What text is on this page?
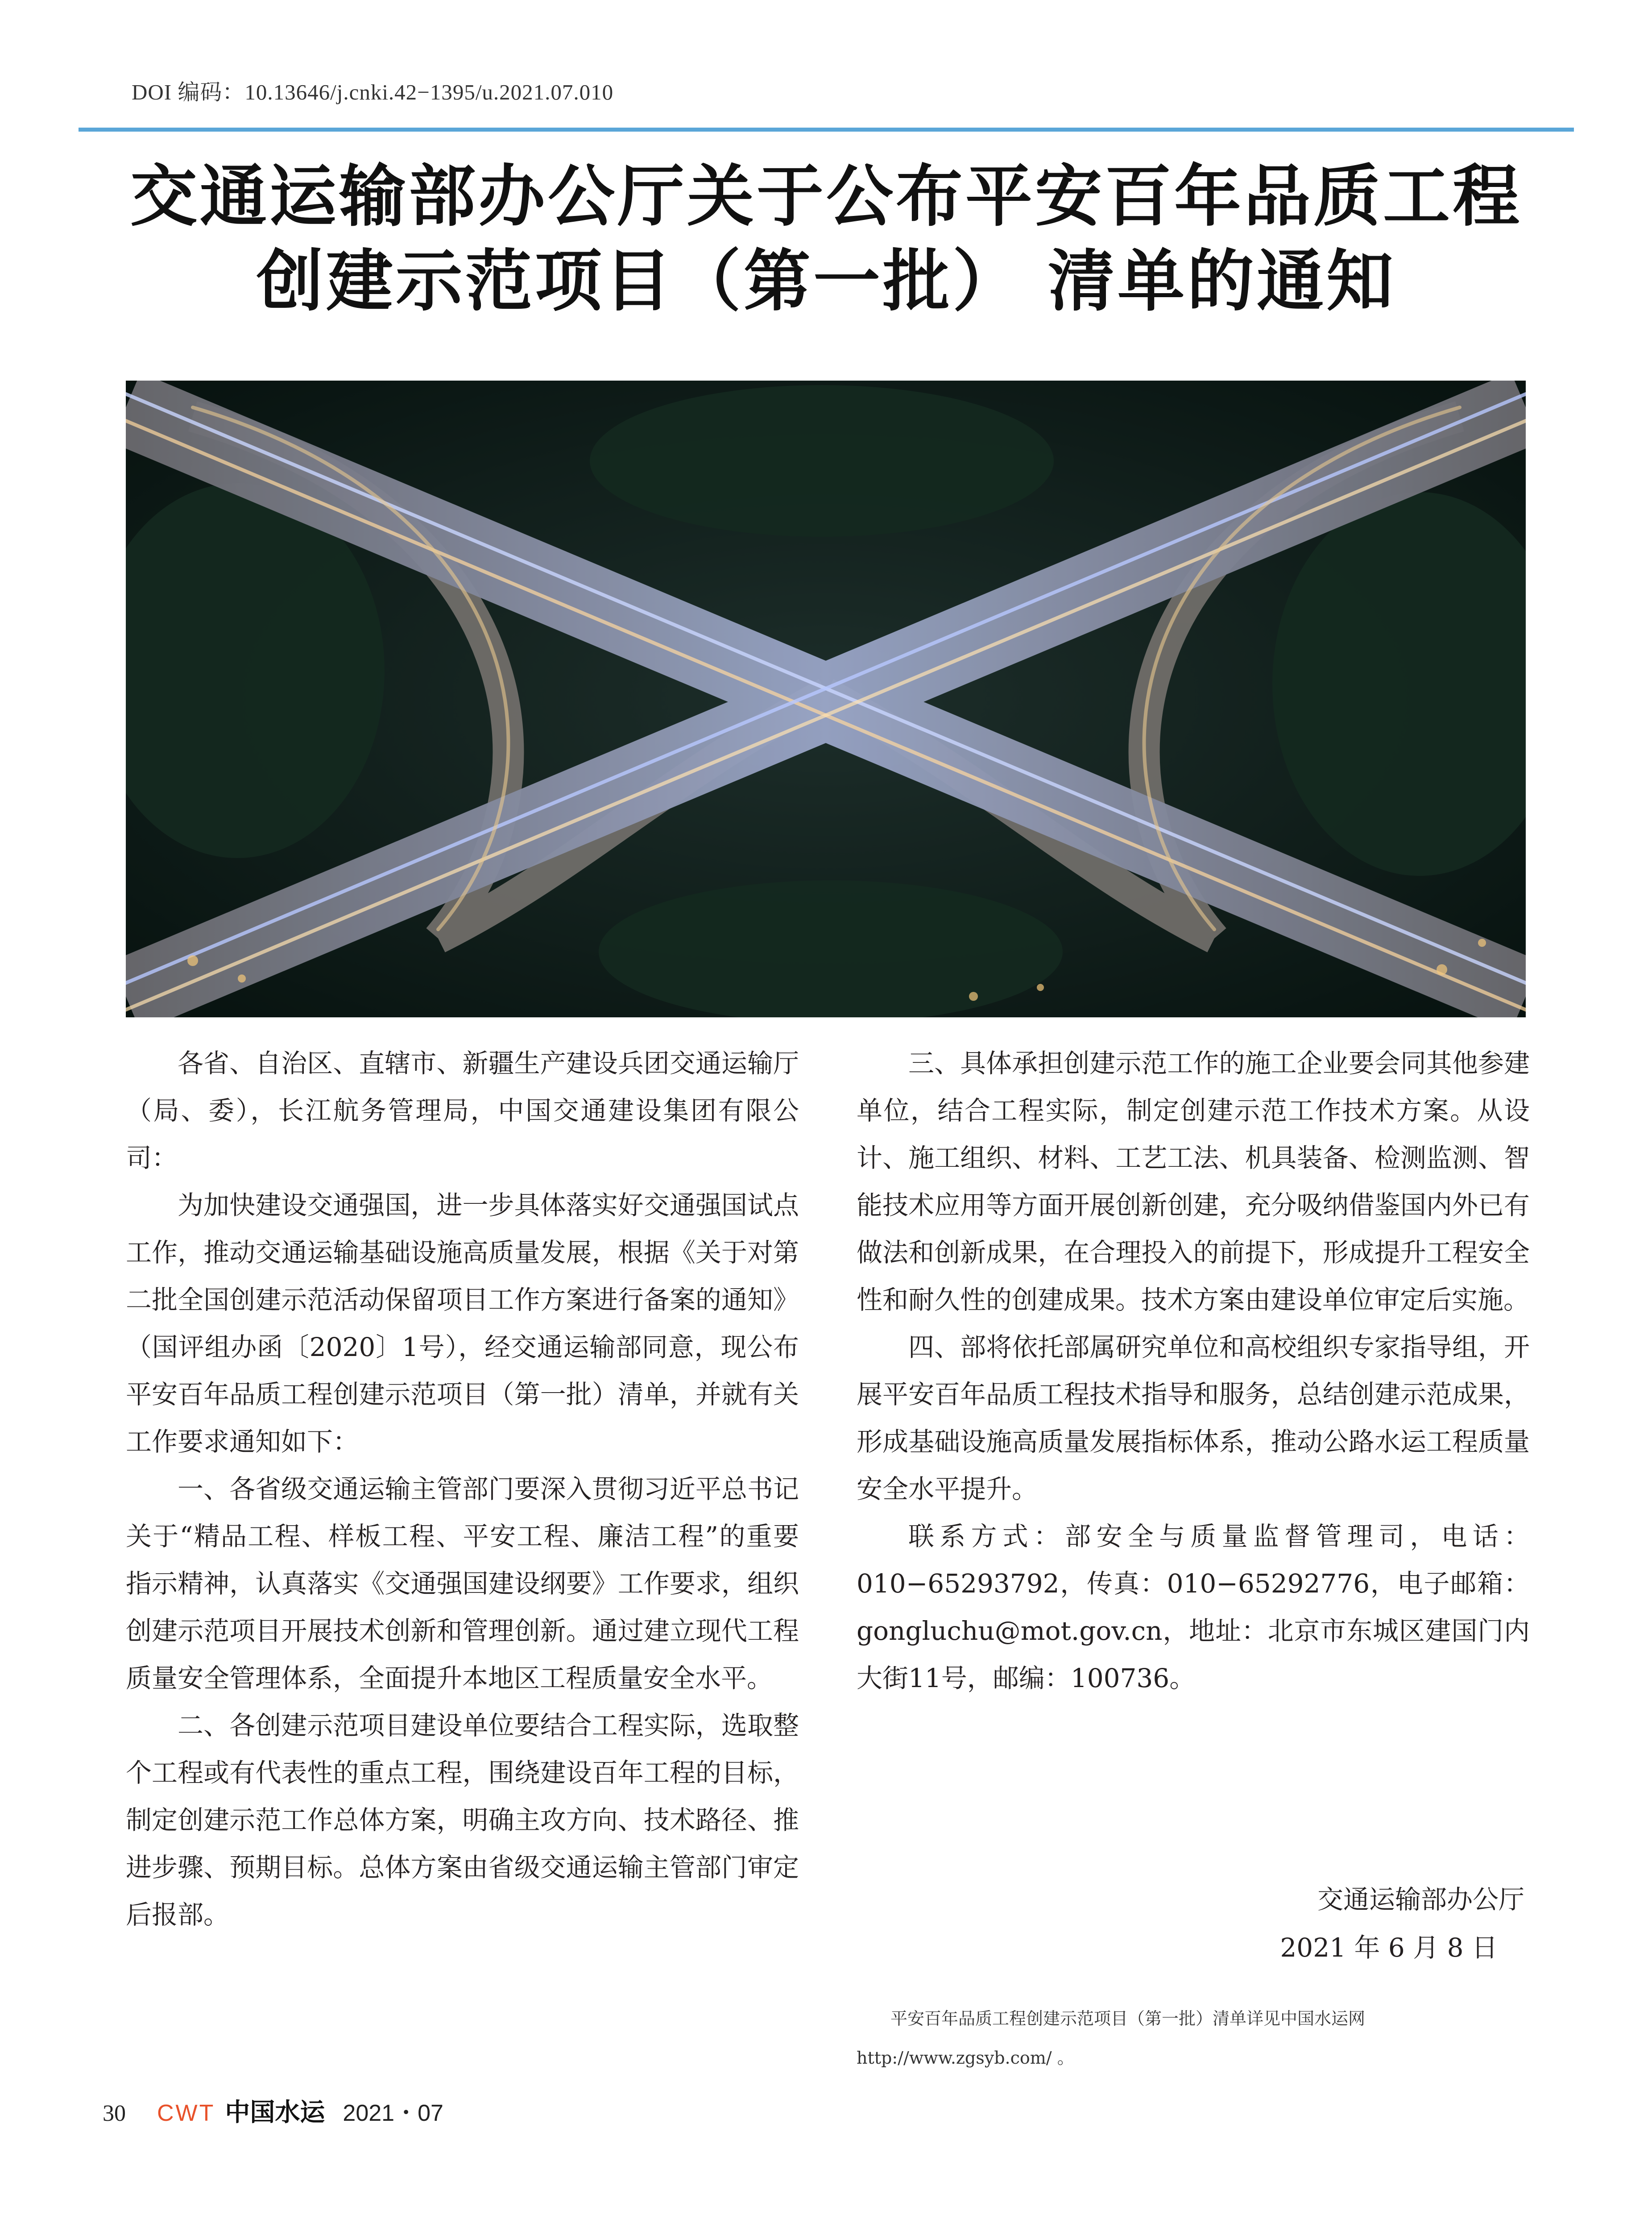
DOI 编码：10.13646/j.cnki.42−1395/u.2021.07.010
交通运输部办公厅关于公布平安百年品质工程
创建示范项目（第一批） 清单的通知

各省、自治区、直辖市、新疆生产建设兵团交通运输厅（局、委），长江航务管理局，中国交通建设集团有限公司：

为加快建设交通强国，进一步具体落实好交通强国试点工作，推动交通运输基础设施高质量发展，根据《关于对第二批全国创建示范活动保留项目工作方案进行备案的通知》（国评组办函〔2020〕1号），经交通运输部同意，现公布平安百年品质工程创建示范项目（第一批）清单，并就有关工作要求通知如下：

一、各省级交通运输主管部门要深入贯彻习近平总书记关于“精品工程、样板工程、平安工程、廉洁工程”的重要指示精神，认真落实《交通强国建设纲要》工作要求，组织创建示范项目开展技术创新和管理创新。通过建立现代工程质量安全管理体系，全面提升本地区工程质量安全水平。

二、各创建示范项目建设单位要结合工程实际，选取整个工程或有代表性的重点工程，围绕建设百年工程的目标，制定创建示范工作总体方案，明确主攻方向、技术路径、推进步骤、预期目标。总体方案由省级交通运输主管部门审定后报部。

三、具体承担创建示范工作的施工企业要会同其他参建单位，结合工程实际，制定创建示范工作技术方案。从设计、施工组织、材料、工艺工法、机具装备、检测监测、智能技术应用等方面开展创新创建，充分吸纳借鉴国内外已有做法和创新成果，在合理投入的前提下，形成提升工程安全性和耐久性的创建成果。技术方案由建设单位审定后实施。

四、部将依托部属研究单位和高校组织专家指导组，开展平安百年品质工程技术指导和服务，总结创建示范成果，形成基础设施高质量发展指标体系，推动公路水运工程质量安全水平提升。

联系方式：部安全与质量监督管理司，电话：010−65293792，传真：010−65292776，电子邮箱：gongluchu@mot.gov.cn，地址：北京市东城区建国门内大街11号，邮编：100736。

交通运输部办公厅
2021 年 6 月 8 日
平安百年品质工程创建示范项目（第一批）清单详见中国水运网 http://www.zgsyb.com/ 。
30 CWT 中国水运 2021・07
